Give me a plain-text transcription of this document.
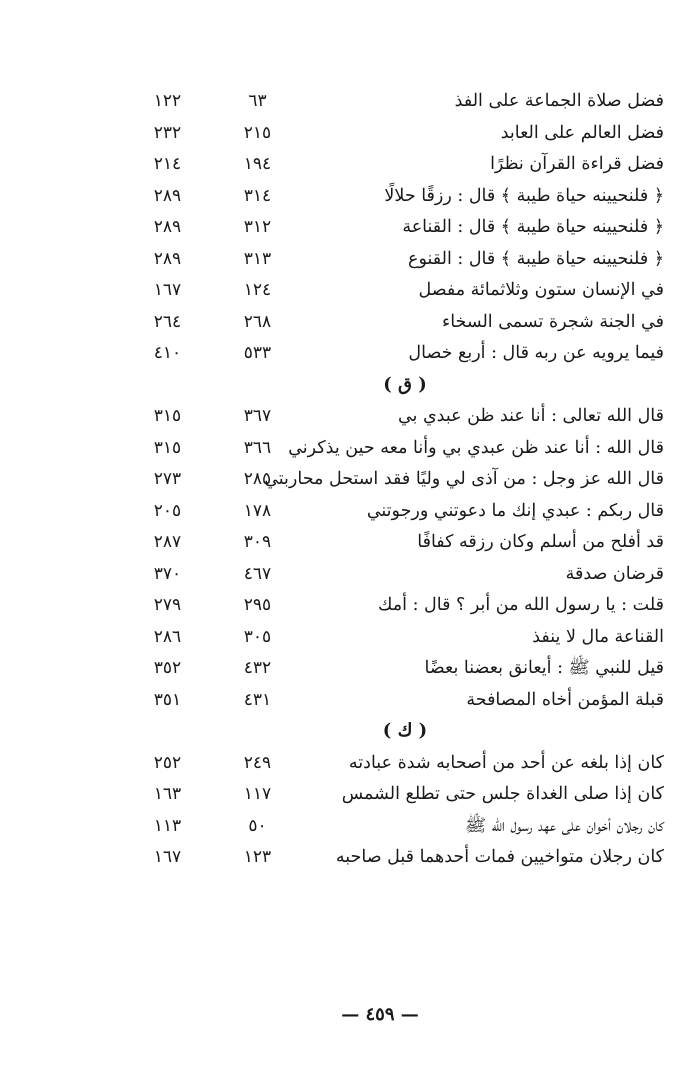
فضل صلاة الجماعة على الفذ
٦٣
١٢٢
فضل العالم على العابد
٢١٥
٢٣٢
فضل قراءة القرآن نظرًا
١٩٤
٢١٤
﴿ فلنحيينه حياة طيبة ﴾ قال : رزقًا حلالًا
٣١٤
٢٨٩
﴿ فلنحيينه حياة طيبة ﴾ قال : القناعة
٣١٢
٢٨٩
﴿ فلنحيينه حياة طيبة ﴾ قال : القنوع
٣١٣
٢٨٩
في الإنسان ستون وثلاثمائة مفصل
١٢٤
١٦٧
في الجنة شجرة تسمى السخاء
٢٦٨
٢٦٤
فيما يرويه عن ربه قال : أربع خصال
٥٣٣
٤١٠
( ق )
قال الله تعالى : أنا عند ظن عبدي بي
٣٦٧
٣١٥
قال الله : أنا عند ظن عبدي بي وأنا معه حين يذكرني
٣٦٦
٣١٥
قال الله عز وجل : من آذى لي وليًا فقد استحل محاربتي
٢٨٥
٢٧٣
قال ربكم : عبدي إنك ما دعوتني ورجوتني
١٧٨
٢٠٥
قد أفلح من أسلم وكان رزقه كفافًا
٣٠٩
٢٨٧
قرضان صدقة
٤٦٧
٣٧٠
قلت : يا رسول الله من أبر ؟ قال : أمك
٢٩٥
٢٧٩
القناعة مال لا ينفذ
٣٠٥
٢٨٦
قيل للنبي ﷺ : أيعانق بعضنا بعضًا
٤٣٢
٣٥٢
قبلة المؤمن أخاه المصافحة
٤٣١
٣٥١
( ك )
كان إذا بلغه عن أحد من أصحابه شدة عبادته
٢٤٩
٢٥٢
كان إذا صلى الغداة جلس حتى تطلع الشمس
١١٧
١٦٣
كان رجلان أخوان على عهد رسول الله ﷺ
٥٠
١١٣
كان رجلان متواخيين فمات أحدهما قبل صاحبه
١٢٣
١٦٧
— ٤٥٩ —
